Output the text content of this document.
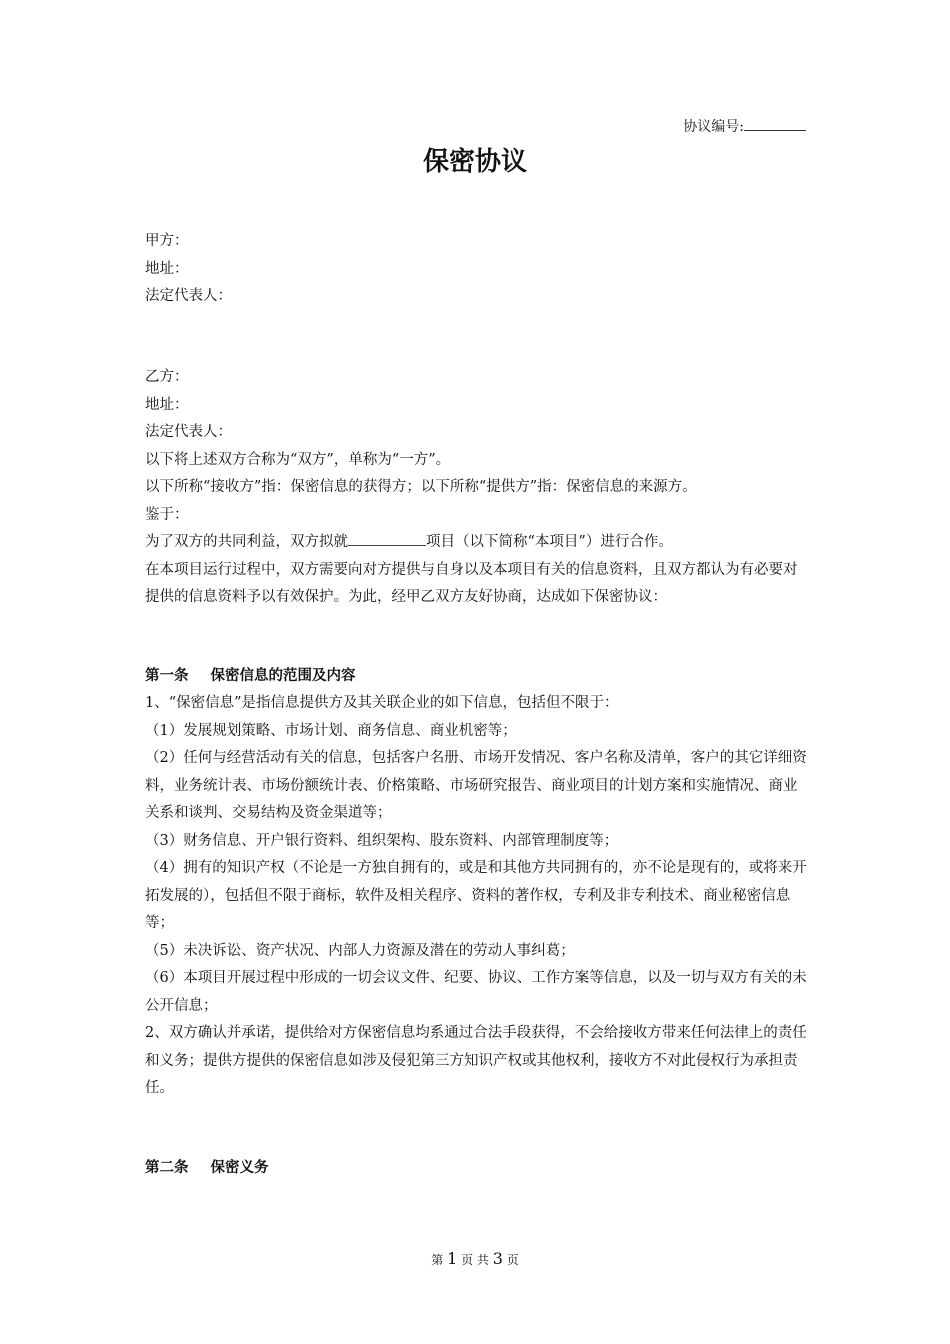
协议编号:
保密协议

甲方：

地址：

法定代表人：

乙方：

地址：

法定代表人：

以下将上述双方合称为“双方”，单称为“一方”。

以下所称“接收方”指：保密信息的获得方；以下所称“提供方”指：保密信息的来源方。

鉴于：

为了双方的共同利益，双方拟就	项目（以下简称“本项目”）进行合作。

在本项目运行过程中，双方需要向对方提供与自身以及本项目有关的信息资料，且双方都认为有必要对提供的信息资料予以有效保护。为此，经甲乙双方友好协商，达成如下保密协议：

第一条 保密信息的范围及内容

1、“保密信息”是指信息提供方及其关联企业的如下信息，包括但不限于：

（1）发展规划策略、市场计划、商务信息、商业机密等；

（2）任何与经营活动有关的信息，包括客户名册、市场开发情况、客户名称及清单，客户的其它详细资料，业务统计表、市场份额统计表、价格策略、市场研究报告、商业项目的计划方案和实施情况、商业关系和谈判、交易结构及资金渠道等；

（3）财务信息、开户银行资料、组织架构、股东资料、内部管理制度等；

（4）拥有的知识产权（不论是一方独自拥有的，或是和其他方共同拥有的，亦不论是现有的，或将来开拓发展的），包括但不限于商标，软件及相关程序、资料的著作权，专利及非专利技术、商业秘密信息等；

（5）未决诉讼、资产状况、内部人力资源及潜在的劳动人事纠葛；

（6）本项目开展过程中形成的一切会议文件、纪要、协议、工作方案等信息，以及一切与双方有关的未公开信息；

2、双方确认并承诺，提供给对方保密信息均系通过合法手段获得，不会给接收方带来任何法律上的责任和义务；提供方提供的保密信息如涉及侵犯第三方知识产权或其他权利，接收方不对此侵权行为承担责任。

第二条 保密义务
第 1 页 共 3 页
